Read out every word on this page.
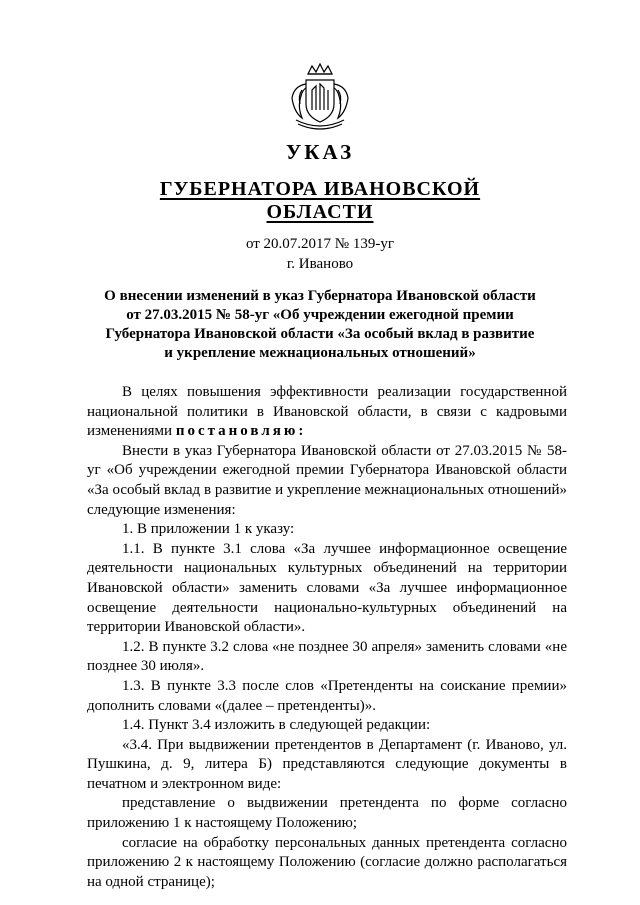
УКАЗ
ГУБЕРНАТОРА ИВАНОВСКОЙ ОБЛАСТИ
от 20.07.2017 № 139-уг
г. Иваново
О внесении изменений в указ Губернатора Ивановской области от 27.03.2015 № 58-уг «Об учреждении ежегодной премии Губернатора Ивановской области «За особый вклад в развитие и укрепление межнациональных отношений»

В целях повышения эффективности реализации государственной национальной политики в Ивановской области, в связи с кадровыми изменениями постановляю:

Внести в указ Губернатора Ивановской области от 27.03.2015 № 58-уг «Об учреждении ежегодной премии Губернатора Ивановской области «За особый вклад в развитие и укрепление межнациональных отношений» следующие изменения:

1. В приложении 1 к указу:

1.1. В пункте 3.1 слова «За лучшее информационное освещение деятельности национальных культурных объединений на территории Ивановской области» заменить словами «За лучшее информационное освещение деятельности национально-культурных объединений на территории Ивановской области».

1.2. В пункте 3.2 слова «не позднее 30 апреля» заменить словами «не позднее 30 июля».

1.3. В пункте 3.3 после слов «Претенденты на соискание премии» дополнить словами «(далее – претенденты)».

1.4. Пункт 3.4 изложить в следующей редакции:

«3.4. При выдвижении претендентов в Департамент (г. Иваново, ул. Пушкина, д. 9, литера Б) представляются следующие документы в печатном и электронном виде:

представление о выдвижении претендента по форме согласно приложению 1 к настоящему Положению;

согласие на обработку персональных данных претендента согласно приложению 2 к настоящему Положению (согласие должно располагаться на одной странице);
